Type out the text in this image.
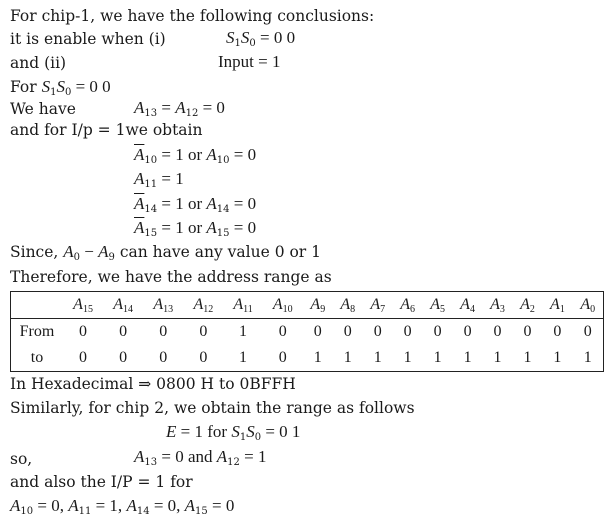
For chip-1, we have the following conclusions:
it is enable when (i)	$S_1S_0 = 0$ 0
and (ii)	Input = 1
For $S_1S_0 = 0$ 0
We have	$A_{13} = A_{12} = 0$
and for I/p = 1we obtain
$\overline{A}_{10} = 1$ or $A_{10} = 0$
$A_{11} = 1$
$\overline{A}_{14} = 1$ or $A_{14} = 0$
$\overline{A}_{15} = 1$ or $A_{15} = 0$
Since, $A_0 - A_9$ can have any value 0 or 1
Therefore, we have the address range as
	$A_{15}$	$A_{14}$	$A_{13}$	$A_{12}$	$A_{11}$	$A_{10}$	$A_9$	$A_8$	$A_7$	$A_6$	$A_5$	$A_4$	$A_3$	$A_2$	$A_1$	$A_0$
From	0	0	0	0	1	0	0	0	0	0	0	0	0	0	0	0
to	0	0	0	0	1	0	1	1	1	1	1	1	1	1	1	1
In Hexadecimal ⇒ 0800 H to 0BFFH
Similarly, for chip 2, we obtain the range as follows
E = 1 for $S_1S_0 = 0$ 1
so,	$A_{13} = 0$ and $A_{12} = 1$
and also the I/P = 1 for
$A_{10} = 0$, $A_{11} = 1$, $A_{14} = 0$, $A_{15} = 0$
